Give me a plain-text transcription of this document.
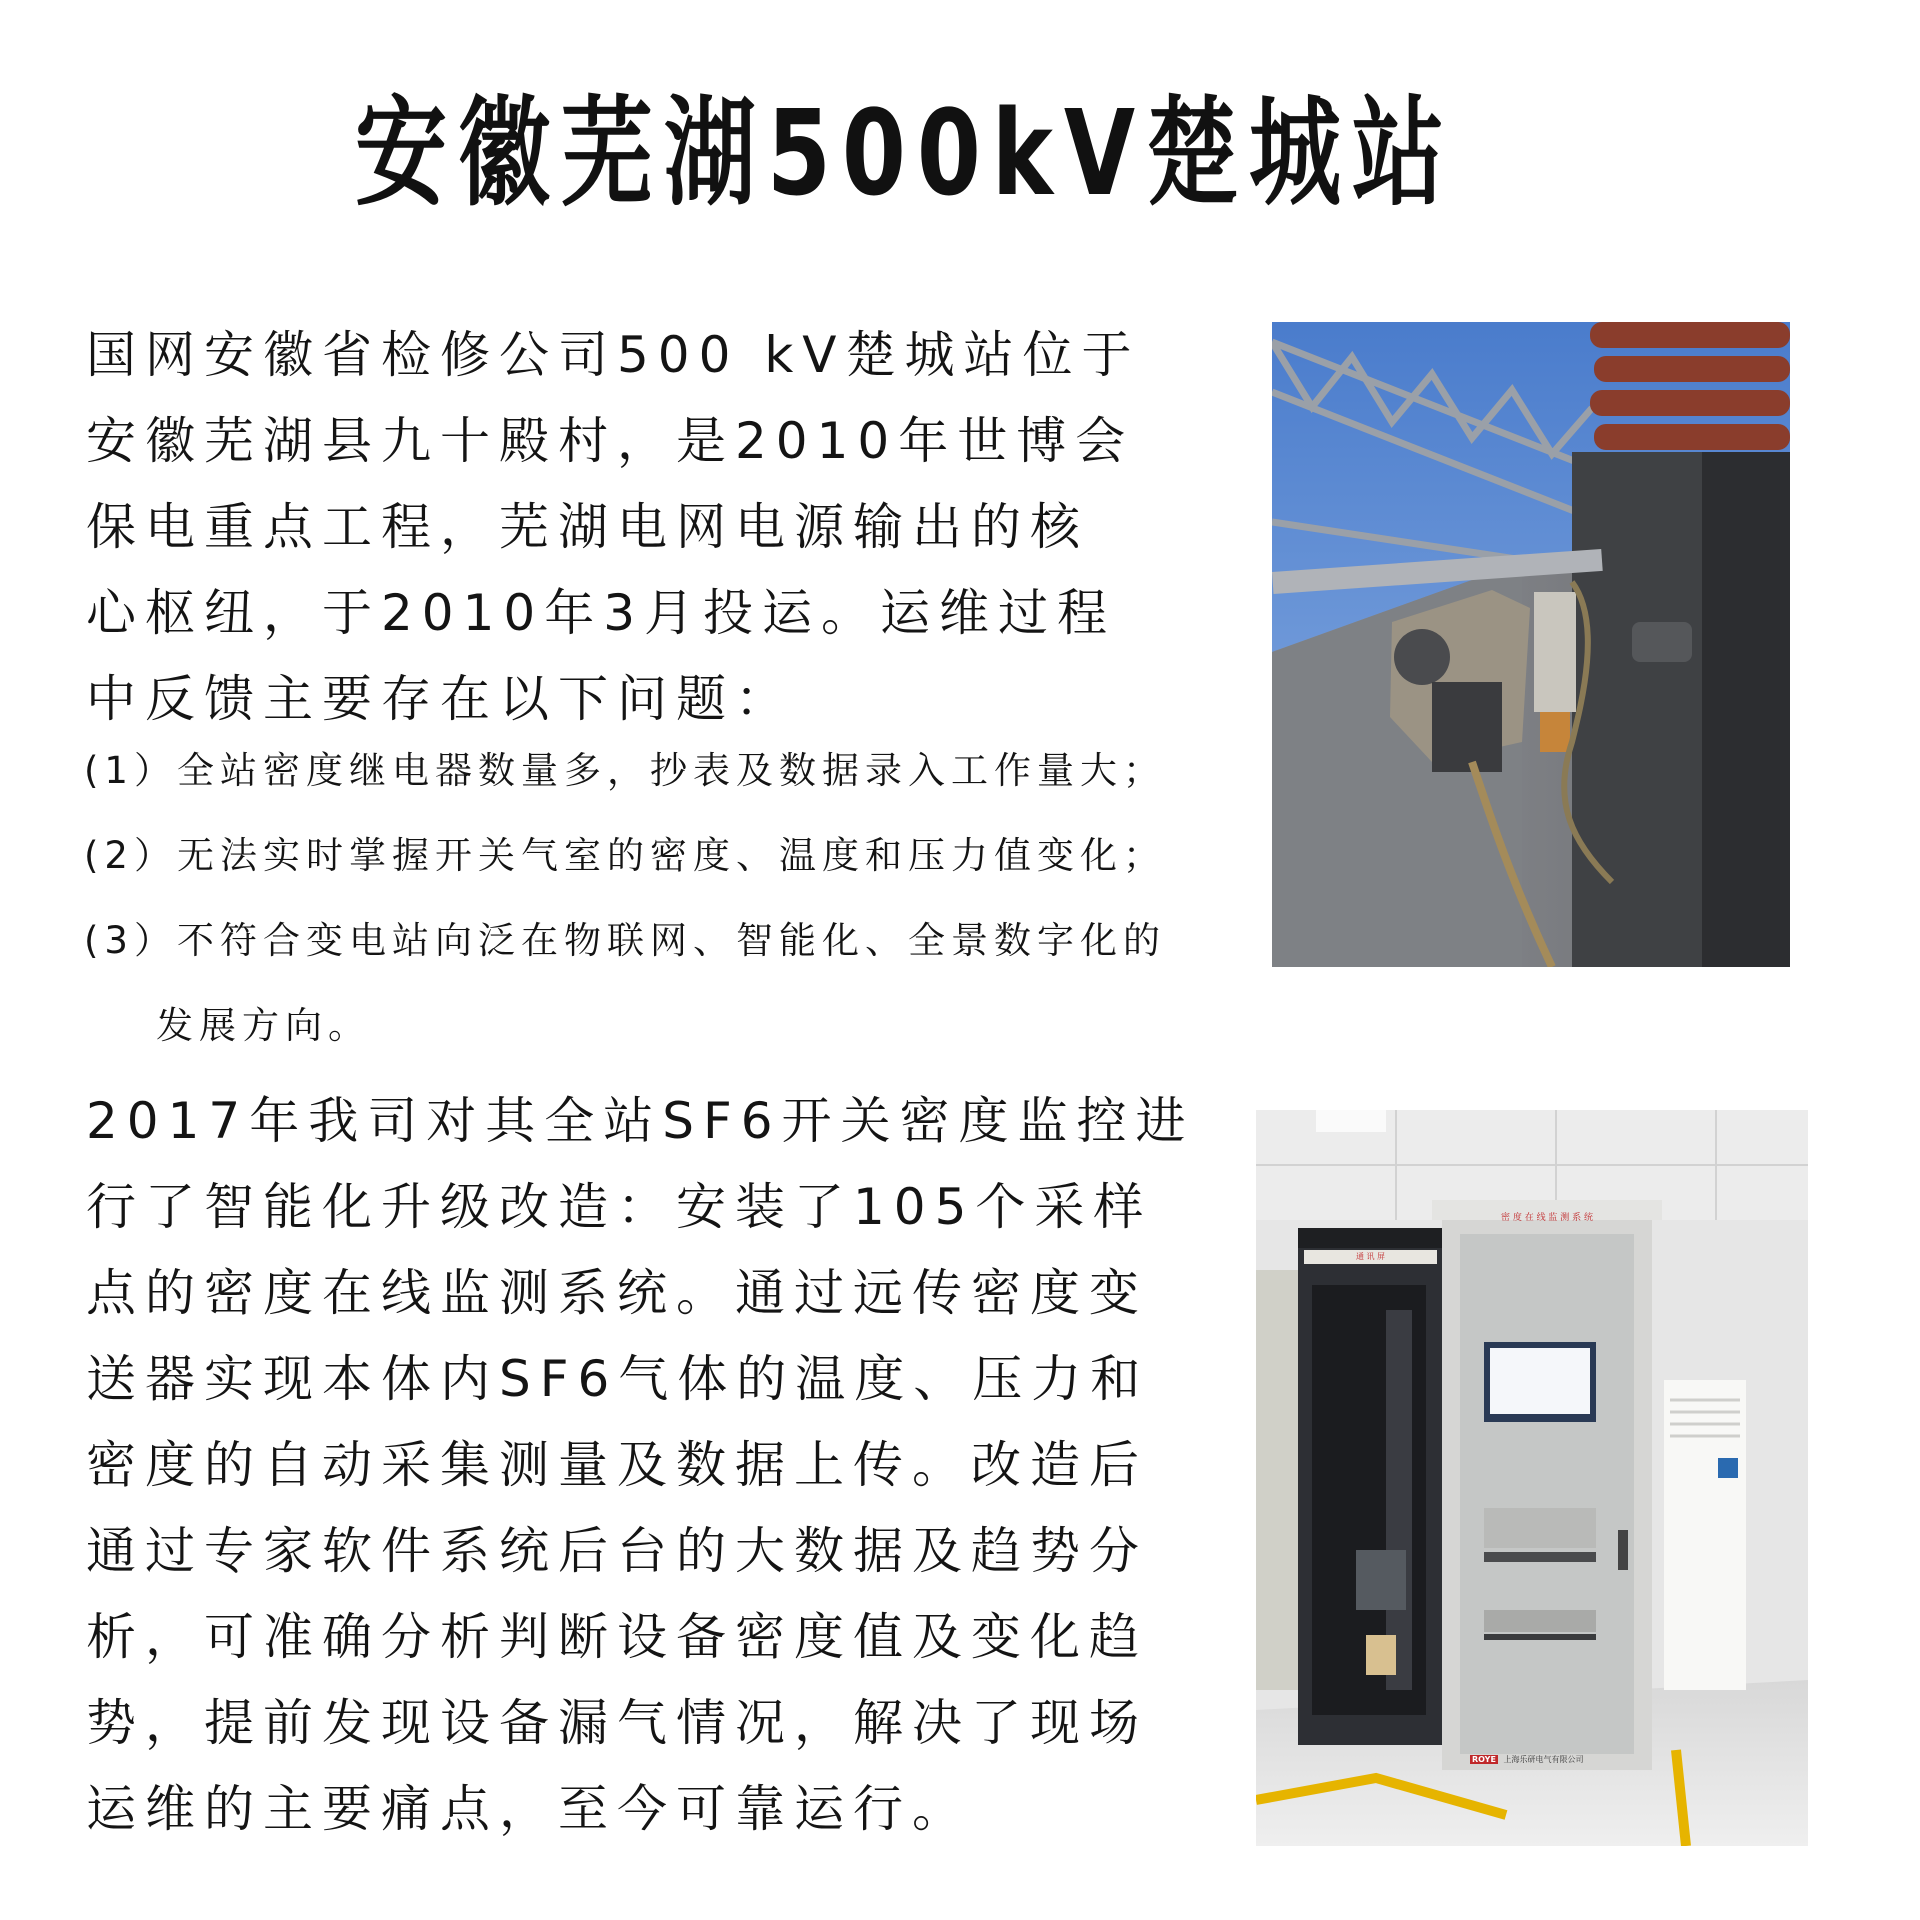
安徽芜湖500kV楚城站
国网安徽省检修公司500 kV楚城站位于
安徽芜湖县九十殿村，是2010年世博会
保电重点工程，芜湖电网电源输出的核
心枢纽，于2010年3月投运。运维过程
中反馈主要存在以下问题：
(1）全站密度继电器数量多，抄表及数据录入工作量大；
(2）无法实时掌握开关气室的密度、温度和压力值变化；
(3）不符合变电站向泛在物联网、智能化、全景数字化的
发展方向。
2017年我司对其全站SF6开关密度监控进
行了智能化升级改造：安装了105个采样
点的密度在线监测系统。通过远传密度变
送器实现本体内SF6气体的温度、压力和
密度的自动采集测量及数据上传。改造后
通过专家软件系统后台的大数据及趋势分
析，可准确分析判断设备密度值及变化趋
势，提前发现设备漏气情况，解决了现场
运维的主要痛点，至今可靠运行。
密 度 在 线 监 测 系 统
通 讯 屏
ROYE 上海乐研电气有限公司
